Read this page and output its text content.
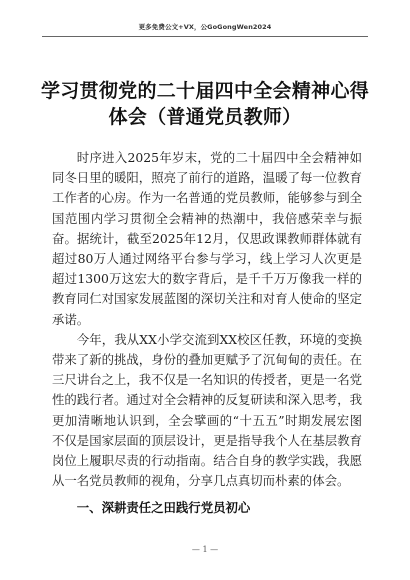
更多免费公文+VX，公GoGongWen2024
学习贯彻党的二十届四中全会精神心得体会（普通党员教师）

时序进入2025年岁末，党的二十届四中全会精神如同冬日里的暖阳，照亮了前行的道路，温暖了每一位教育工作者的心房。作为一名普通的党员教师，能够参与到全国范围内学习贯彻全会精神的热潮中，我倍感荣幸与振奋。据统计，截至2025年12月，仅思政课教师群体就有超过80万人通过网络平台参与学习，线上学习人次更是超过1300万这宏大的数字背后，是千千万万像我一样的教育同仁对国家发展蓝图的深切关注和对育人使命的坚定承诺。

今年，我从XX小学交流到XX校区任教，环境的变换带来了新的挑战，身份的叠加更赋予了沉甸甸的责任。在三尺讲台之上，我不仅是一名知识的传授者，更是一名党性的践行者。通过对全会精神的反复研读和深入思考，我更加清晰地认识到，全会擘画的“十五五”时期发展宏图不仅是国家层面的顶层设计，更是指导我个人在基层教育岗位上履职尽责的行动指南。结合自身的教学实践，我愿从一名党员教师的视角，分享几点真切而朴素的体会。

一、深耕责任之田践行党员初心
— 1 —
